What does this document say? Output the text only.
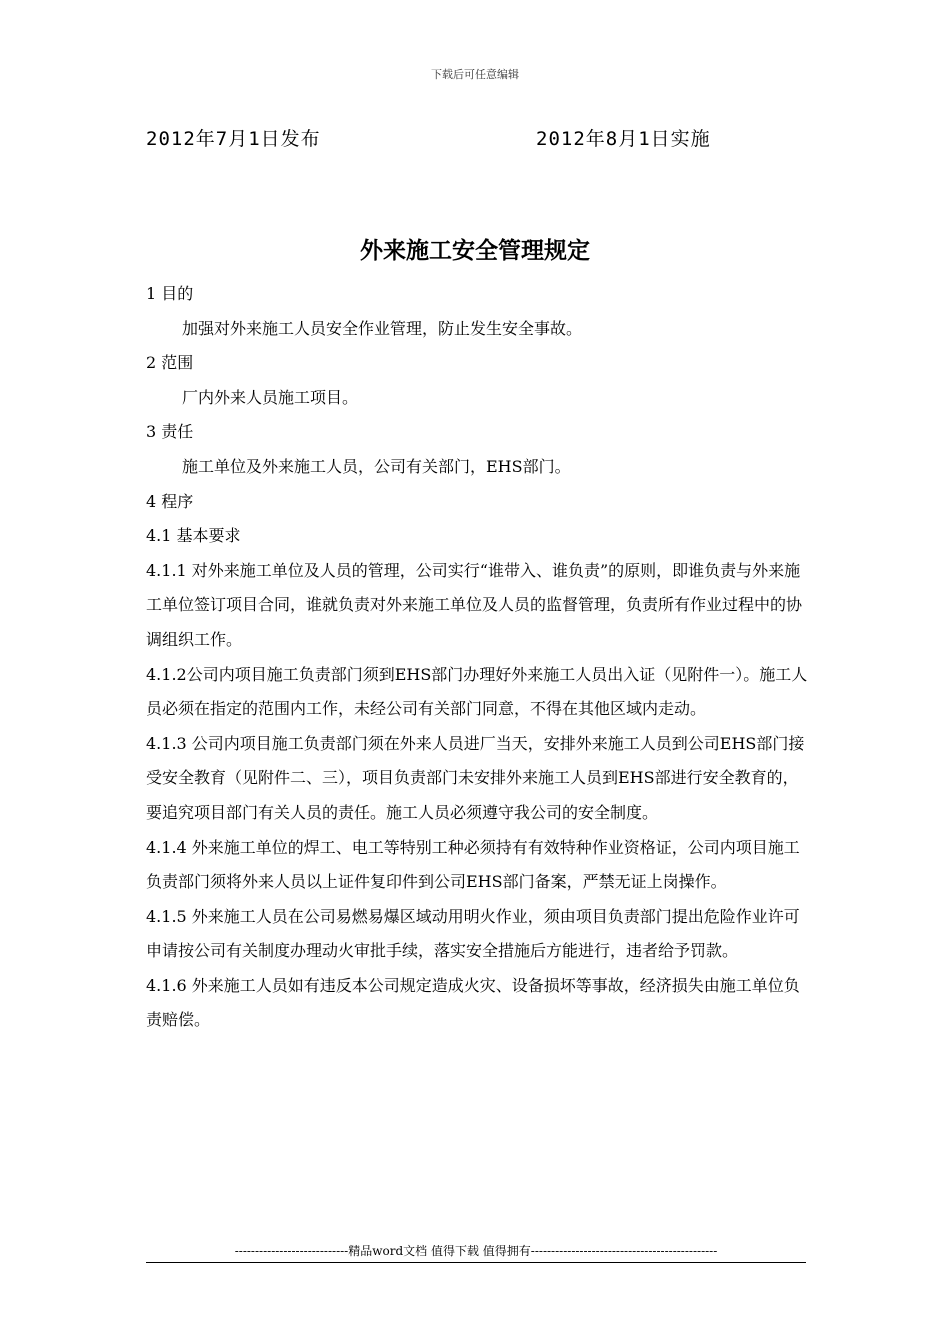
下载后可任意编辑
2012年7月1日发布	2012年8月1日实施
外来施工安全管理规定
1 目的
加强对外来施工人员安全作业管理，防止发生安全事故。
2 范围
厂内外来人员施工项目。
3 责任
施工单位及外来施工人员，公司有关部门，EHS部门。
4 程序
4.1 基本要求
4.1.1 对外来施工单位及人员的管理，公司实行“谁带入、谁负责”的原则，即谁负责与外来施工单位签订项目合同，谁就负责对外来施工单位及人员的监督管理，负责所有作业过程中的协调组织工作。
4.1.2公司内项目施工负责部门须到EHS部门办理好外来施工人员出入证（见附件一）。施工人员必须在指定的范围内工作，未经公司有关部门同意，不得在其他区域内走动。
4.1.3 公司内项目施工负责部门须在外来人员进厂当天，安排外来施工人员到公司EHS部门接受安全教育（见附件二、三），项目负责部门未安排外来施工人员到EHS部进行安全教育的，要追究项目部门有关人员的责任。施工人员必须遵守我公司的安全制度。
4.1.4 外来施工单位的焊工、电工等特别工种必须持有有效特种作业资格证，公司内项目施工负责部门须将外来人员以上证件复印件到公司EHS部门备案，严禁无证上岗操作。
4.1.5 外来施工人员在公司易燃易爆区域动用明火作业，须由项目负责部门提出危险作业许可申请按公司有关制度办理动火审批手续，落实安全措施后方能进行，违者给予罚款。
4.1.6 外来施工人员如有违反本公司规定造成火灾、设备损坏等事故，经济损失由施工单位负责赔偿。
----------------------------精品word文档 值得下载 值得拥有----------------------------------------------
